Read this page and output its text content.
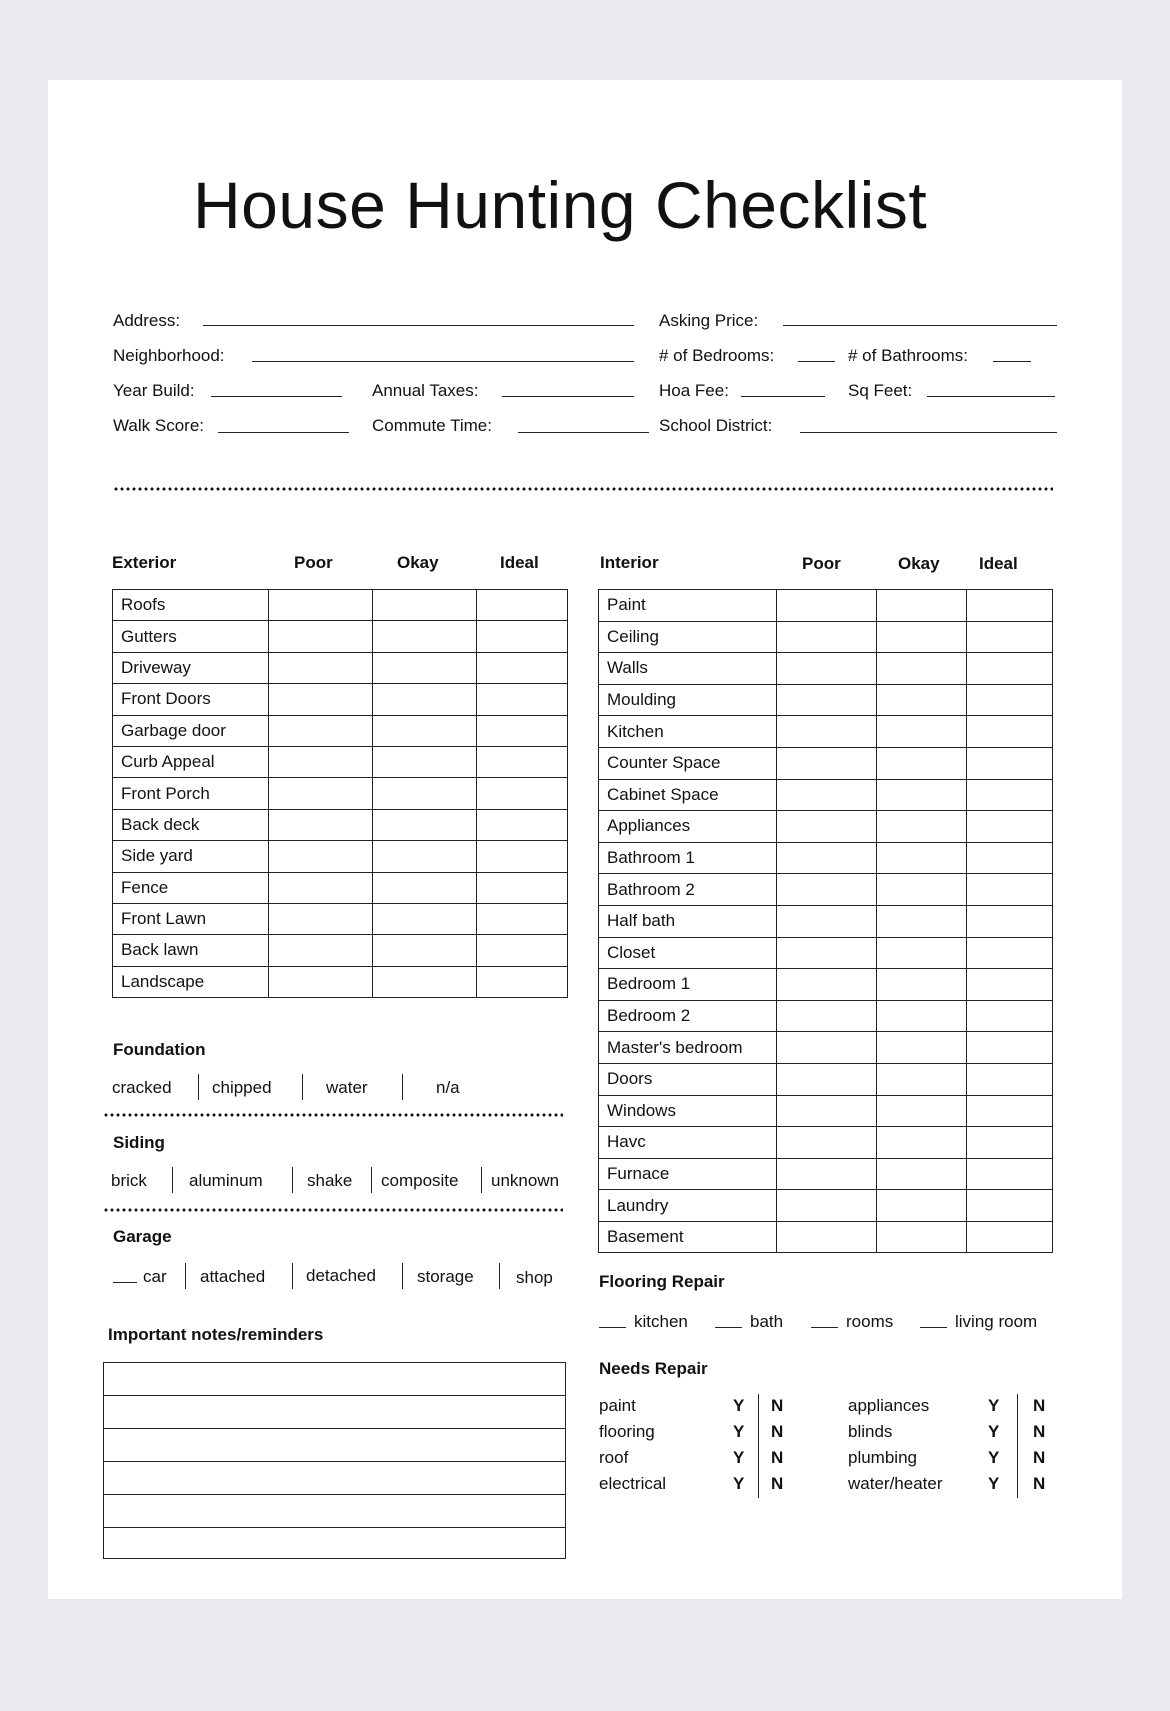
House Hunting Checklist
Address:	Asking Price:
Neighborhood:	# of Bedrooms:	# of Bathrooms:
Year Build:	Annual Taxes:	Hoa Fee:	Sq Feet:
Walk Score:	Commute Time:	School District:
Exterior	Poor	Okay	Ideal
Roofs			
Gutters			
Driveway			
Front Doors			
Garbage door			
Curb Appeal			
Front Porch			
Back deck			
Side yard			
Fence			
Front Lawn			
Back lawn			
Landscape			
Interior	Poor	Okay Ideal
Paint			
Ceiling			
Walls			
Moulding			
Kitchen			
Counter Space			
Cabinet Space			
Appliances			
Bathroom 1			
Bathroom 2			
Half bath			
Closet			
Bedroom 1			
Bedroom 2			
Master's bedroom			
Doors			
Windows			
Havc			
Furnace			
Laundry			
Basement			
Foundation
cracked chipped	water	n/a
Siding
brick aluminum	shake composite unknown
Garage
car attached detached storage shop
Important notes/reminders
Flooring Repair
kitchen	bath	rooms	living room
Needs Repair
paint	Y N
flooring	Y N
roof	Y N
electrical	Y N
appliances	Y N
blinds	Y N
plumbing	Y N
water/heater	Y N
